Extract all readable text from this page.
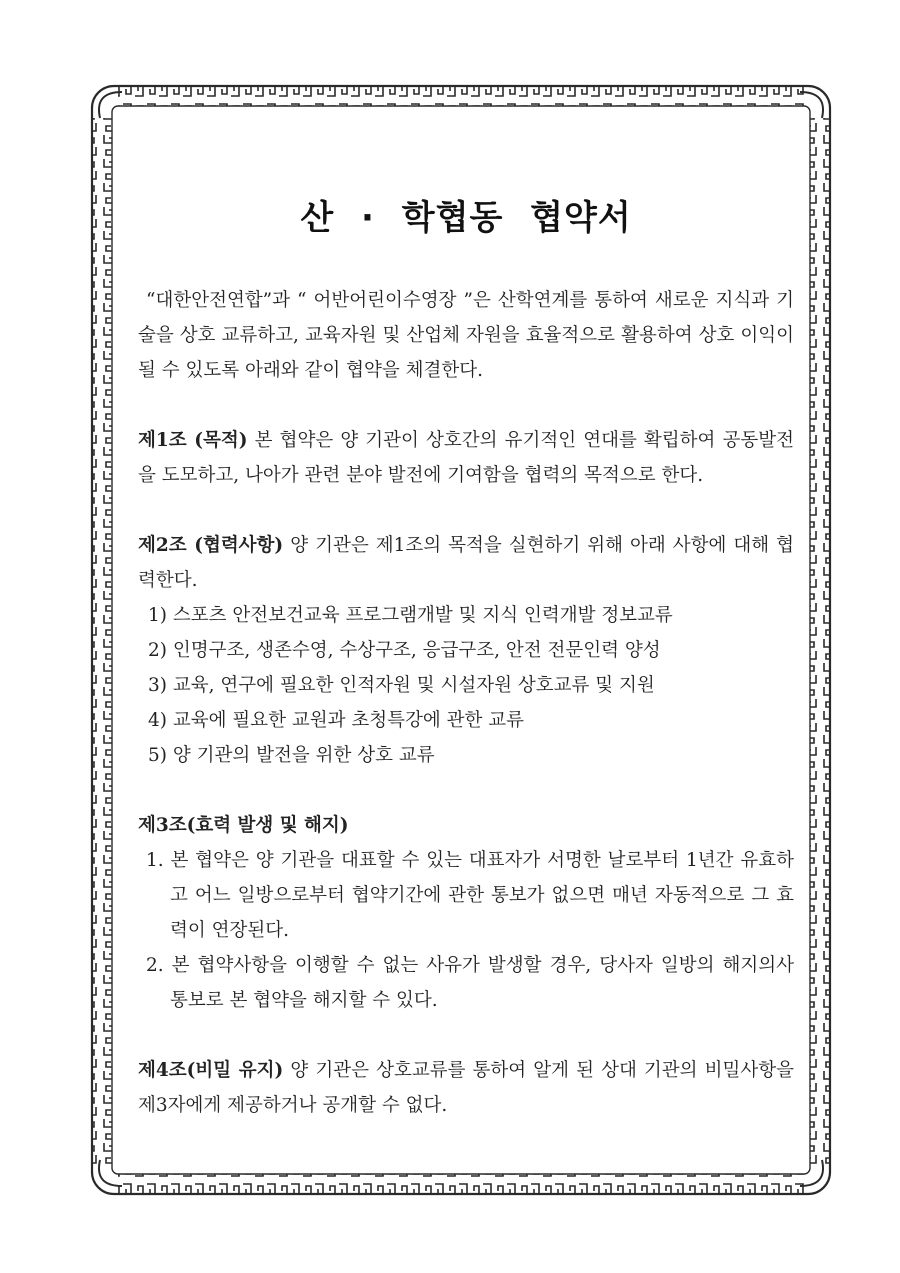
산 · 학협동 협약서

“대한안전연합”과 “ 어반어린이수영장 ”은 산학연계를 통하여 새로운 지식과 기술을 상호 교류하고, 교육자원 및 산업체 자원을 효율적으로 활용하여 상호 이익이 될 수 있도록 아래와 같이 협약을 체결한다.

제1조 (목적) 본 협약은 양 기관이 상호간의 유기적인 연대를 확립하여 공동발전을 도모하고, 나아가 관련 분야 발전에 기여함을 협력의 목적으로 한다.

제2조 (협력사항) 양 기관은 제1조의 목적을 실현하기 위해 아래 사항에 대해 협력한다.

1) 스포츠 안전보건교육 프로그램개발 및 지식 인력개발 정보교류
2) 인명구조, 생존수영, 수상구조, 응급구조, 안전 전문인력 양성
3) 교육, 연구에 필요한 인적자원 및 시설자원 상호교류 및 지원
4) 교육에 필요한 교원과 초청특강에 관한 교류
5) 양 기관의 발전을 위한 상호 교류

제3조(효력 발생 및 해지)

1. 본 협약은 양 기관을 대표할 수 있는 대표자가 서명한 날로부터 1년간 유효하고 어느 일방으로부터 협약기간에 관한 통보가 없으면 매년 자동적으로 그 효력이 연장된다.
2. 본 협약사항을 이행할 수 없는 사유가 발생할 경우, 당사자 일방의 해지의사 통보로 본 협약을 해지할 수 있다.

제4조(비밀 유지) 양 기관은 상호교류를 통하여 알게 된 상대 기관의 비밀사항을 제3자에게 제공하거나 공개할 수 없다.
